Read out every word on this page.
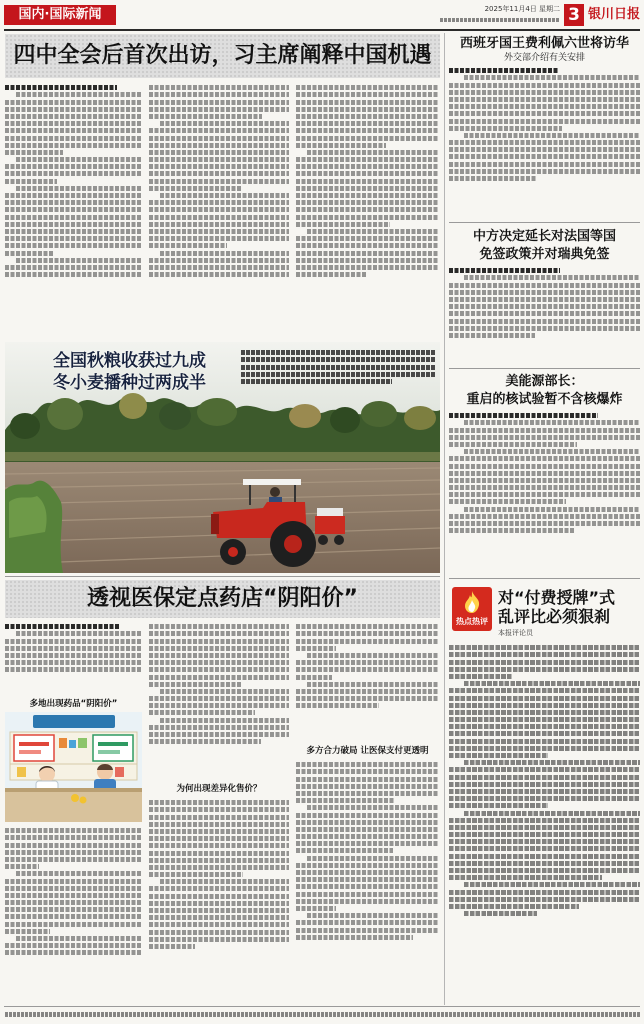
国内·国际新闻	2025年11月4日 星期二 3 银川日报
四中全会后首次出访，习主席阐释中国机遇
全国秋粮收获过九成
冬小麦播种过两成半
透视医保定点药店“阴阳价”
多地出现药品“阴阳价”
为何出现差异化售价？
多方合力破局 让医保支付更透明
西班牙国王费利佩六世将访华
外交部介绍有关安排
中方决定延长对法国等国
免签政策并对瑞典免签
美能源部长：
重启的核试验暂不含核爆炸
热点热评
对“付费授牌”式
乱评比必须狠刹
本报评论员
